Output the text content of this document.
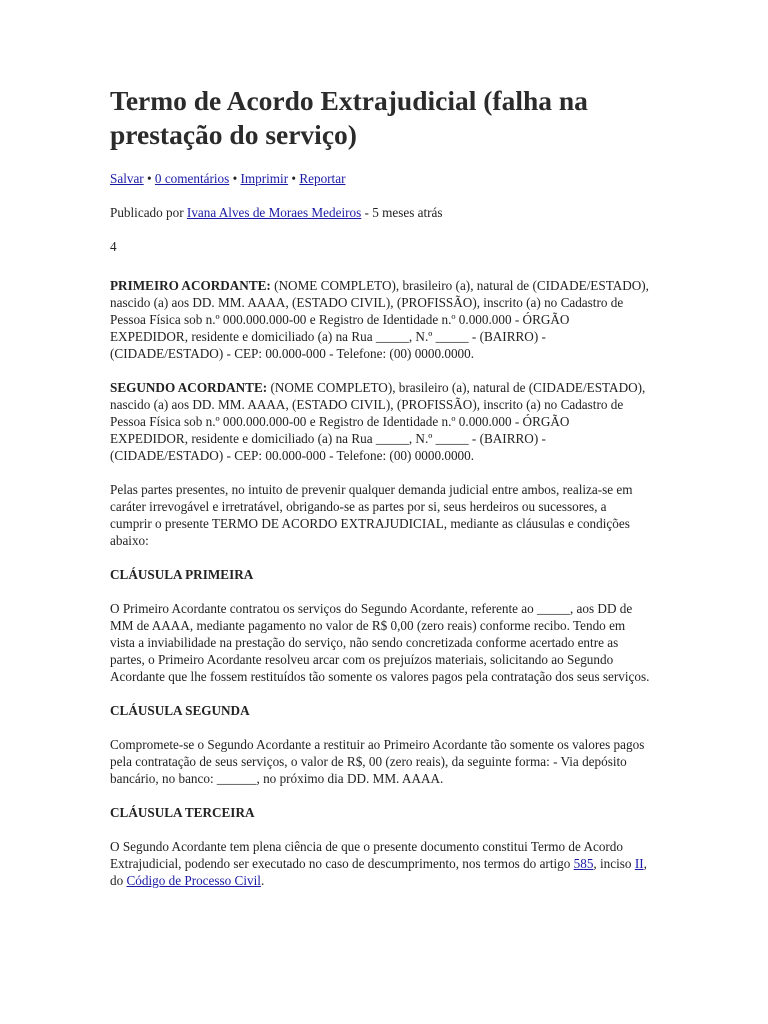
Termo de Acordo Extrajudicial (falha na prestação do serviço)
Salvar • 0 comentários • Imprimir • Reportar
Publicado por Ivana Alves de Moraes Medeiros - 5 meses atrás
4

PRIMEIRO ACORDANTE: (NOME COMPLETO), brasileiro (a), natural de (CIDADE/ESTADO), nascido (a) aos DD. MM. AAAA, (ESTADO CIVIL), (PROFISSÃO), inscrito (a) no Cadastro de Pessoa Física sob n.º 000.000.000-00 e Registro de Identidade n.º 0.000.000 - ÓRGÃO EXPEDIDOR, residente e domiciliado (a) na Rua _____, N.º _____ - (BAIRRO) - (CIDADE/ESTADO) - CEP: 00.000-000 - Telefone: (00) 0000.0000.

SEGUNDO ACORDANTE: (NOME COMPLETO), brasileiro (a), natural de (CIDADE/ESTADO), nascido (a) aos DD. MM. AAAA, (ESTADO CIVIL), (PROFISSÃO), inscrito (a) no Cadastro de Pessoa Física sob n.º 000.000.000-00 e Registro de Identidade n.º 0.000.000 - ÓRGÃO EXPEDIDOR, residente e domiciliado (a) na Rua _____, N.º _____ - (BAIRRO) - (CIDADE/ESTADO) - CEP: 00.000-000 - Telefone: (00) 0000.0000.

Pelas partes presentes, no intuito de prevenir qualquer demanda judicial entre ambos, realiza-se em caráter irrevogável e irretratável, obrigando-se as partes por si, seus herdeiros ou sucessores, a cumprir o presente TERMO DE ACORDO EXTRAJUDICIAL, mediante as cláusulas e condições abaixo:

CLÁUSULA PRIMEIRA

O Primeiro Acordante contratou os serviços do Segundo Acordante, referente ao _____, aos DD de MM de AAAA, mediante pagamento no valor de R$ 0,00 (zero reais) conforme recibo. Tendo em vista a inviabilidade na prestação do serviço, não sendo concretizada conforme acertado entre as partes, o Primeiro Acordante resolveu arcar com os prejuízos materiais, solicitando ao Segundo Acordante que lhe fossem restituídos tão somente os valores pagos pela contratação dos seus serviços.

CLÁUSULA SEGUNDA

Compromete-se o Segundo Acordante a restituir ao Primeiro Acordante tão somente os valores pagos pela contratação de seus serviços, o valor de R$, 00 (zero reais), da seguinte forma: - Via depósito bancário, no banco: ______, no próximo dia DD. MM. AAAA.

CLÁUSULA TERCEIRA

O Segundo Acordante tem plena ciência de que o presente documento constitui Termo de Acordo Extrajudicial, podendo ser executado no caso de descumprimento, nos termos do artigo 585, inciso II, do Código de Processo Civil.
